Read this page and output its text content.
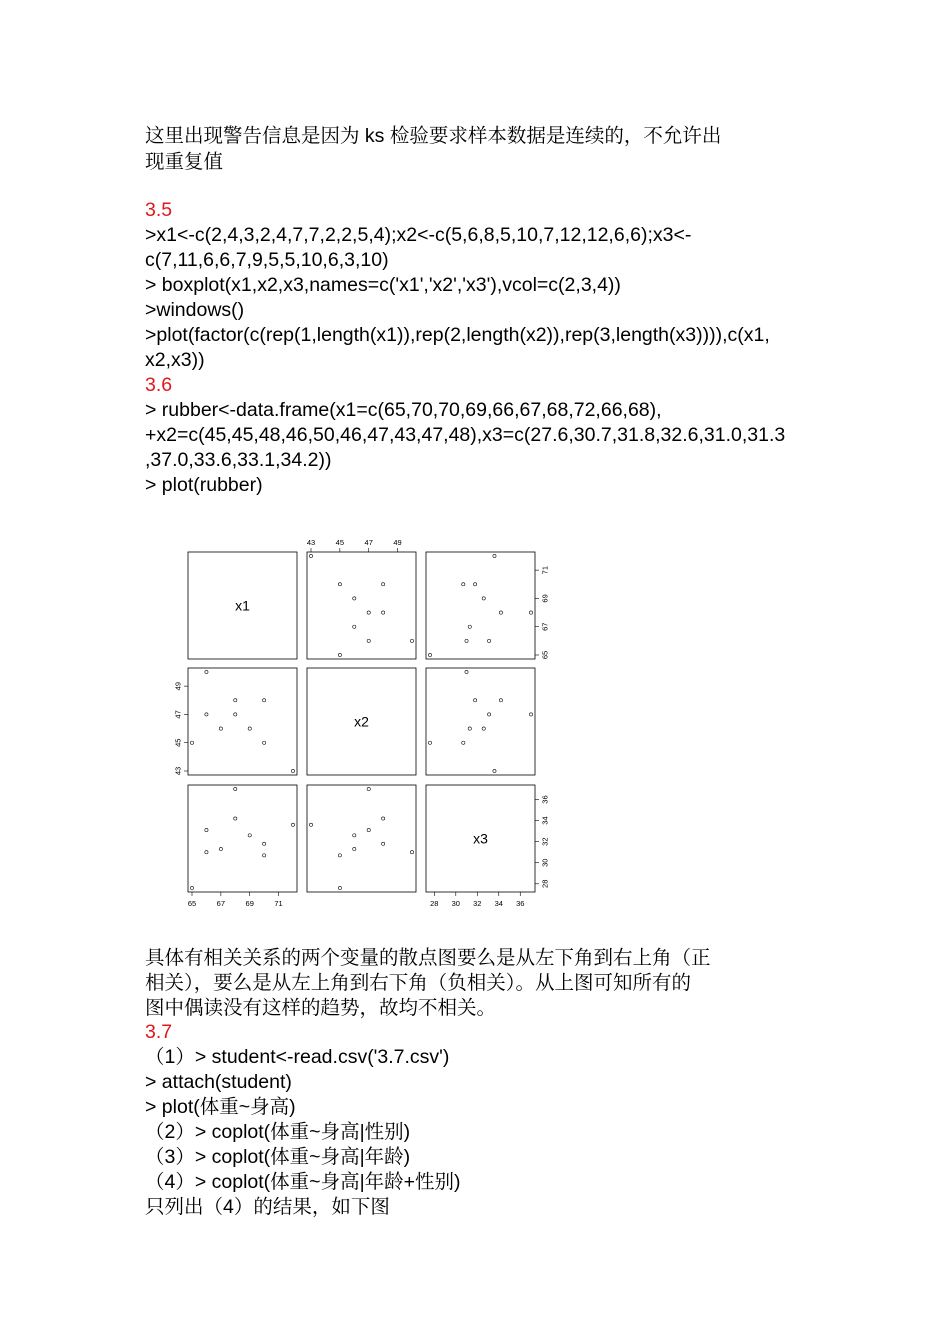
这里出现警告信息是因为 ks 检验要求样本数据是连续的，不允许出
现重复值
3.5
>x1<-c(2,4,3,2,4,7,7,2,2,5,4);x2<-c(5,6,8,5,10,7,12,12,6,6);x3<-
c(7,11,6,6,7,9,5,5,10,6,3,10)
> boxplot(x1,x2,x3,names=c('x1','x2','x3'),vcol=c(2,3,4))
>windows()
>plot(factor(c(rep(1,length(x1)),rep(2,length(x2)),rep(3,length(x3)))),c(x1,
x2,x3))
3.6
> rubber<-data.frame(x1=c(65,70,70,69,66,67,68,72,66,68),
+x2=c(45,45,48,46,50,46,47,43,47,48),x3=c(27.6,30.7,31.8,32.6,31.0,31.3
,37.0,33.6,33.1,34.2))
> plot(rubber)
x1
x2
x3
65	67	69	71
43	45	47	49
28 30 32 34 36
65
67
69
71
43
45
47
49
28
30
32
34
36
具体有相关关系的两个变量的散点图要么是从左下角到右上角（正
相关），要么是从左上角到右下角（负相关）。从上图可知所有的
图中偶读没有这样的趋势，故均不相关。
3.7
（1）> student<-read.csv('3.7.csv')
> attach(student)
> plot(体重~身高)
（2）> coplot(体重~身高|性别)
（3）> coplot(体重~身高|年龄)
（4）> coplot(体重~身高|年龄+性别)
只列出（4）的结果，如下图
